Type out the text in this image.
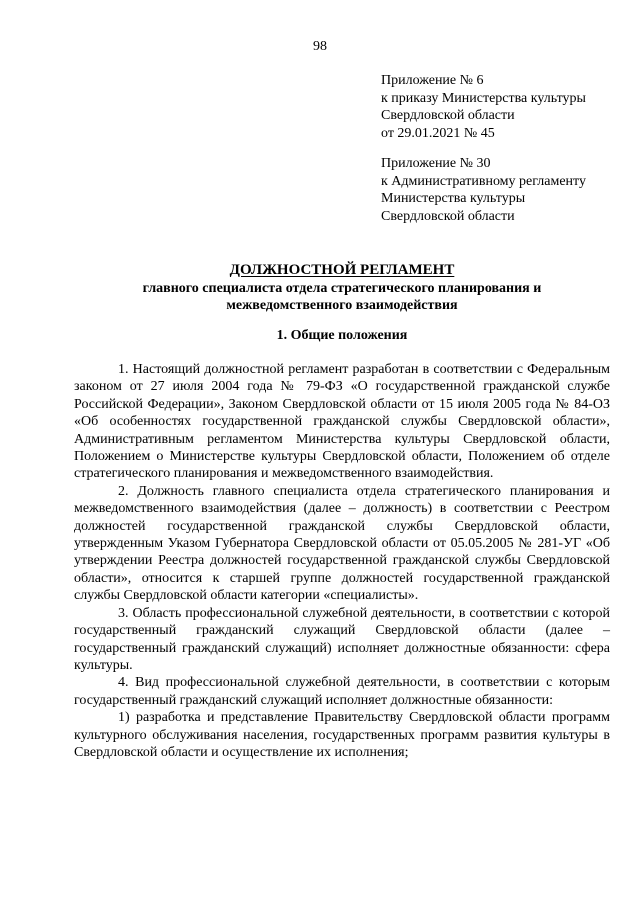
98
Приложение № 6
к приказу Министерства культуры
Свердловской области
от 29.01.2021 № 45
Приложение № 30
к Административному регламенту
Министерства культуры
Свердловской области
ДОЛЖНОСТНОЙ РЕГЛАМЕНТ
главного специалиста отдела стратегического планирования и
межведомственного взаимодействия
1. Общие положения

1. Настоящий должностной регламент разработан в соответствии с Федеральным законом от 27 июля 2004 года № 79-ФЗ «О государственной гражданской службе Российской Федерации», Законом Свердловской области от 15 июля 2005 года № 84-ОЗ «Об особенностях государственной гражданской службы Свердловской области», Административным регламентом Министерства культуры Свердловской области, Положением о Министерстве культуры Свердловской области, Положением об отделе стратегического планирования и межведомственного взаимодействия.

2. Должность главного специалиста отдела стратегического планирования и межведомственного взаимодействия (далее – должность) в соответствии с Реестром должностей государственной гражданской службы Свердловской области, утвержденным Указом Губернатора Свердловской области от 05.05.2005 № 281-УГ «Об утверждении Реестра должностей государственной гражданской службы Свердловской области», относится к старшей группе должностей государственной гражданской службы Свердловской области категории «специалисты».

3. Область профессиональной служебной деятельности, в соответствии с которой государственный гражданский служащий Свердловской области (далее – государственный гражданский служащий) исполняет должностные обязанности: сфера культуры.

4. Вид профессиональной служебной деятельности, в соответствии с которым государственный гражданский служащий исполняет должностные обязанности:

1) разработка и представление Правительству Свердловской области программ культурного обслуживания населения, государственных программ развития культуры в Свердловской области и осуществление их исполнения;
